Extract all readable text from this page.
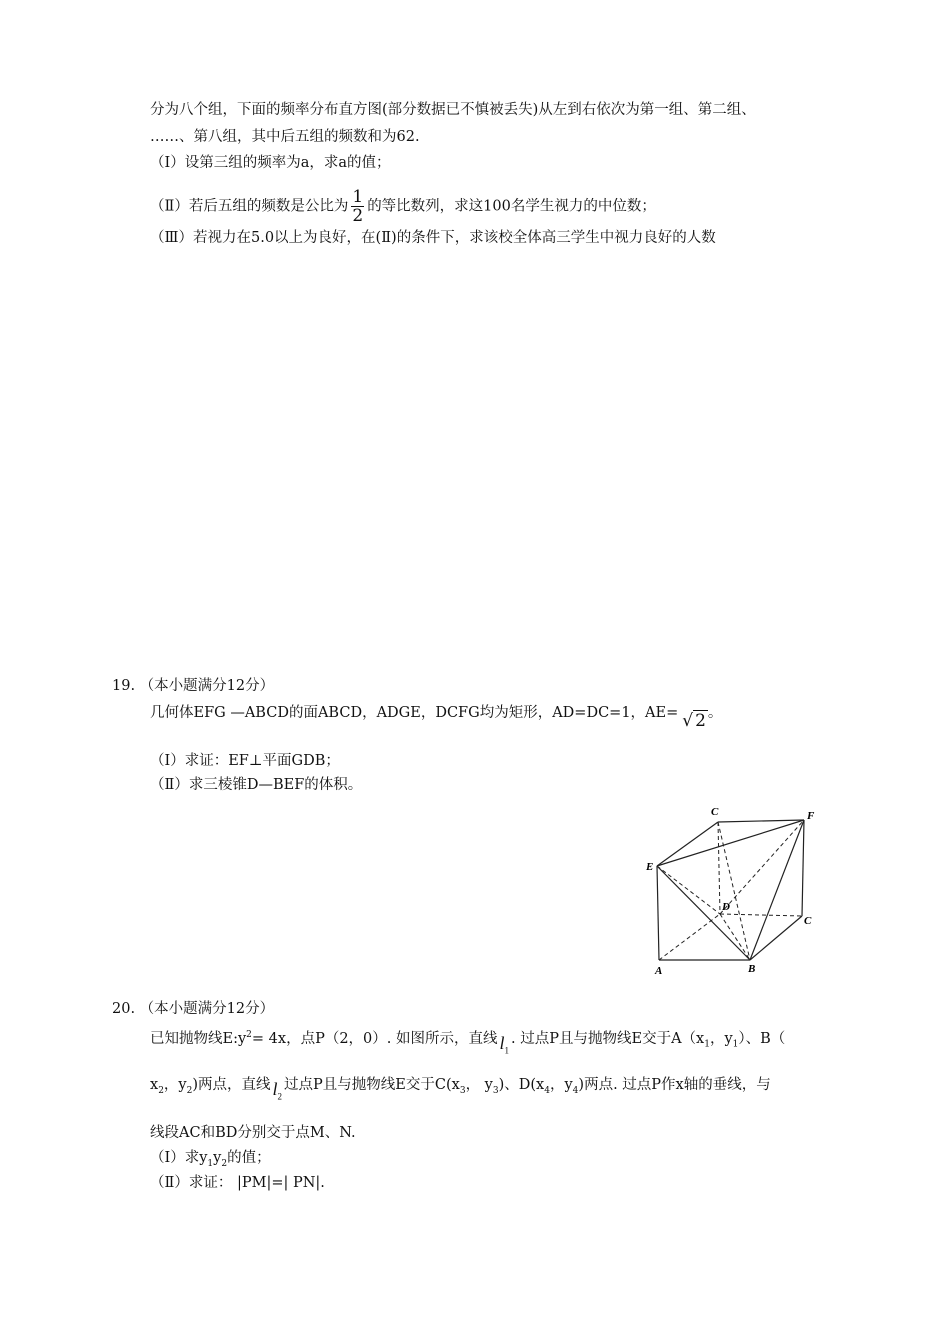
分为八个组，下面的频率分布直方图(部分数据已不慎被丢失)从左到右依次为第一组、第二组、
……、第八组，其中后五组的频数和为62.
（Ⅰ）设第三组的频率为a，求a的值；
（Ⅱ）若后五组的频数是公比为 $\frac{1}{2}$ 的等比数列，求这100名学生视力的中位数；
（Ⅲ）若视力在5.0以上为良好，在(Ⅱ)的条件下，求该校全体高三学生中视力良好的人数
19. （本小题满分12分）
几何体EFG —ABCD的面ABCD，ADGE，DCFG均为矩形，AD=DC=1，AE= √ 2 。
（I）求证：EF⊥平面GDB；
（Ⅱ）求三棱锥D—BEF的体积。
C	F
E
D
C
A	B
20. （本小题满分12分）
已知抛物线$E:y^2= 4x$，点P（2，0）. 如图所示，直线 $l_1$. 过点P且与抛物线E交于$A(x_1$，$y_1$）、B（
$x_2$，$y_2$)两点，直线 $l_2$过点P且与抛物线E交于$C(x_3$， $y_3$)、$D(x_4$，$y_4$)两点. 过点P作x轴的垂线，与
线段AC和BD分别交于点M、N.
（I）求$y_1y_2$的值；
（Ⅱ）求证： |PM|=| PN|.
